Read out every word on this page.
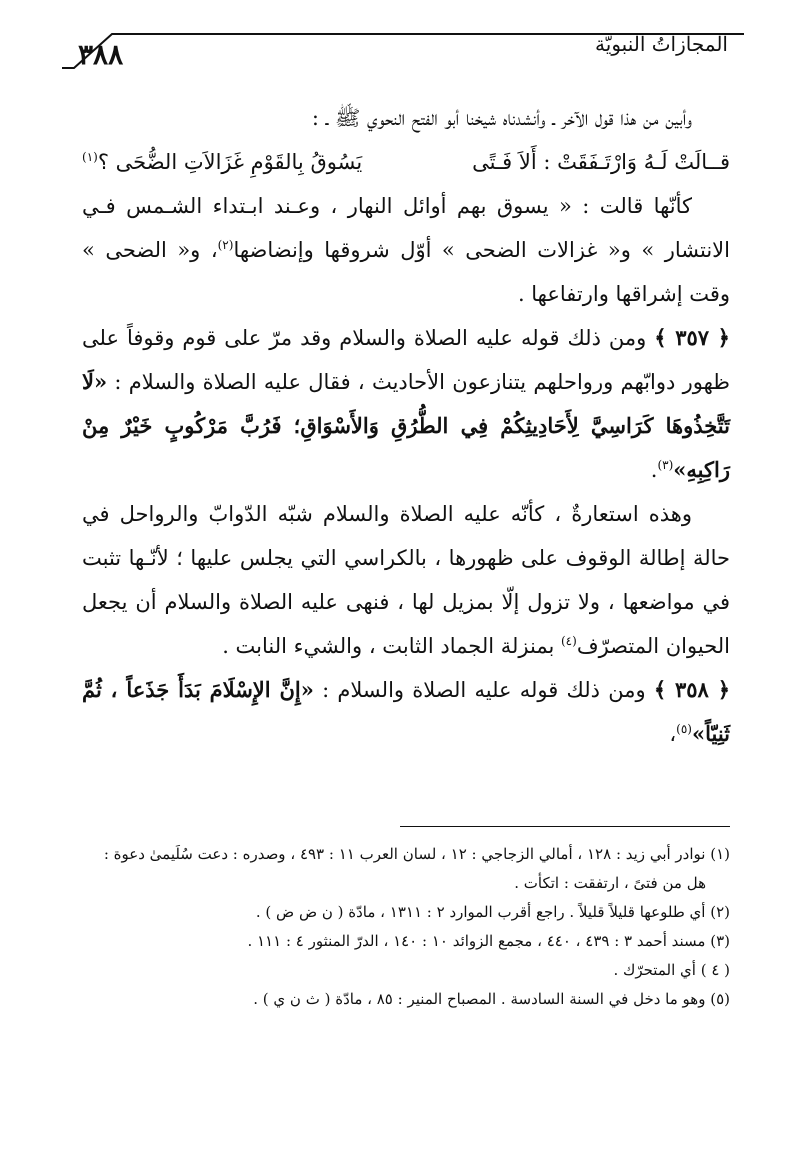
المجازاتُ النبويّة
٣٨٨

وأبين من هذا قول الآخر ـ وأنشدناه شيخنا أبو الفتح النحوي ﷺ ـ :

قــالَتْ لَـهُ وَارْتَـفَقَتْ : أَلاَ فَـتًى
يَسُوقُ بِالقَوْمِ غَزَالاَتِ الضُّحَى ؟$^{(١)}$

كأنّها قالت : « يسوق بهم أوائل النهار ، وعـند ابـتداء الشـمس فـي الانتشار » و« غزالات الضحى » أوّل شروقها وإنضاضها$^{(٢)}$، و« الضحى » وقت إشراقها وارتفاعها .

﴿ ٣٥٧ ﴾ ومن ذلك قوله عليه الصلاة والسلام وقد مرّ على قوم وقوفاً على ظهور دوابّهم ورواحلهم يتنازعون الأحاديث ، فقال عليه الصلاة والسلام : «لَا تَتَّخِذُوهَا كَرَاسِيَّ لِأَحَادِيثِكُمْ فِي الطُّرُقِ وَالأَسْوَاقِ؛ فَرُبَّ مَرْكُوبٍ خَيْرٌ مِنْ رَاكِبِهِ»$^{(٣)}$.

وهذه استعارةٌ ، كأنّه عليه الصلاة والسلام شبّه الدّوابّ والرواحل في حالة إطالة الوقوف على ظهورها ، بالكراسي التي يجلس عليها ؛ لأنّـها تثبت في مواضعها ، ولا تزول إلّا بمزيل لها ، فنهى عليه الصلاة والسلام أن يجعل الحيوان المتصرّف$^{(٤)}$ بمنزلة الجماد الثابت ، والشيء النابت .

﴿ ٣٥٨ ﴾ ومن ذلك قوله عليه الصلاة والسلام : «إِنَّ الإِسْلَامَ بَدَأَ جَذَعاً ، ثُمَّ ثَنِيّاً»$^{(٥)}$،

(١) نوادر أبي زيد : ١٢٨ ، أمالي الزجاجي : ١٢ ، لسان العرب ١١ : ٤٩٣ ، وصدره : دعت سُلَيمىٰ دعوة :

هل من فتىً ، ارتفقت : اتكأت .

(٢) أي طلوعها قليلاً قليلاً . راجع أقرب الموارد ٢ : ١٣١١ ، مادّة ( ن ض ض ) .

(٣) مسند أحمد ٣ : ٤٣٩ ، ٤٤٠ ، مجمع الزوائد ١٠ : ١٤٠ ، الدرّ المنثور ٤ : ١١١ .

( ٤ ) أي المتحرّك .

(٥) وهو ما دخل في السنة السادسة . المصباح المنير : ٨٥ ، مادّة ( ث ن ي ) .
